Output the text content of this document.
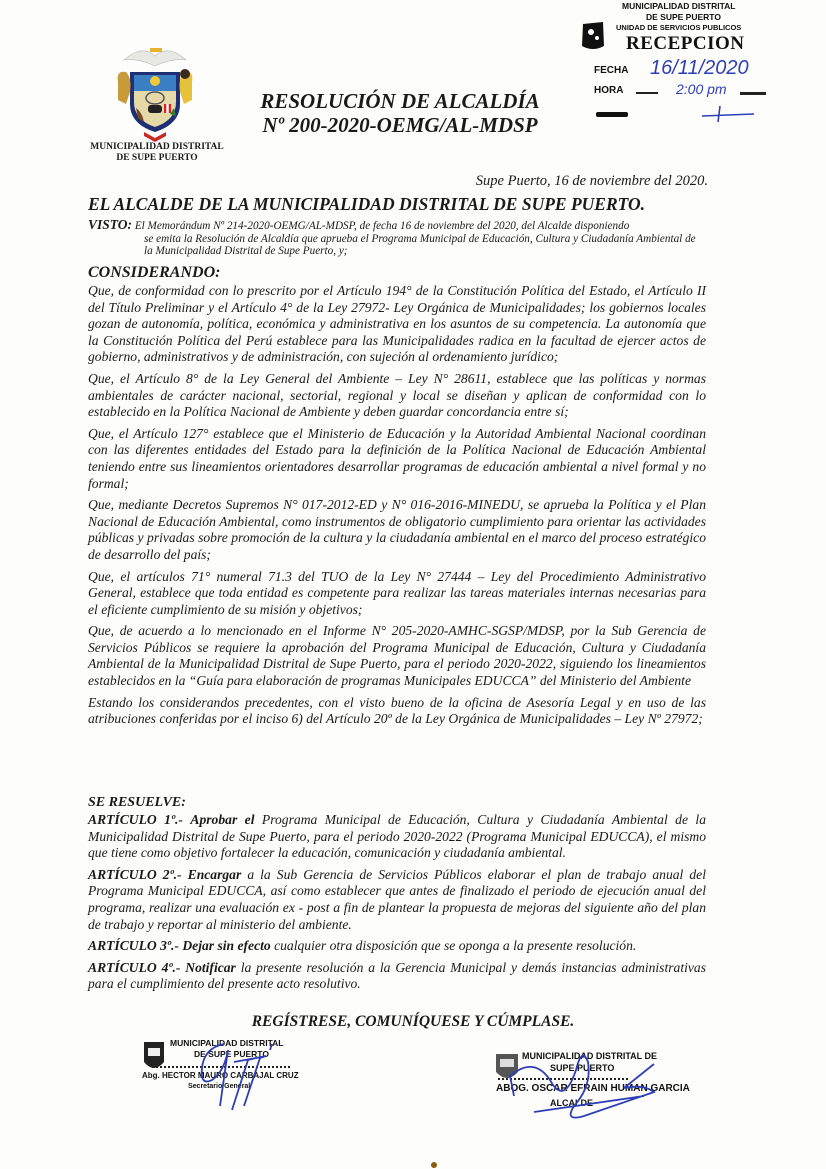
MUNICIPALIDAD DISTRITAL
DE SUPE PUERTO
RESOLUCIÓN DE ALCALDÍA
Nº 200-2020-OEMG/AL-MDSP
MUNICIPALIDAD DISTRITAL
DE SUPE PUERTO
UNIDAD DE SERVICIOS PUBLICOS
RECEPCION
FECHA 16/11/2020
HORA	2:00 pm
Supe Puerto, 16 de noviembre del 2020.
EL ALCALDE DE LA MUNICIPALIDAD DISTRITAL DE SUPE PUERTO.
VISTO: El Memorándum Nº 214-2020-OEMG/AL-MDSP, de fecha 16 de noviembre del 2020, del Alcalde disponiendo
se emita la Resolución de Alcaldía que aprueba el Programa Municipal de Educación, Cultura y Ciudadanía Ambiental de la Municipalidad Distrital de Supe Puerto, y;
CONSIDERANDO:

Que, de conformidad con lo prescrito por el Artículo 194° de la Constitución Política del Estado, el Artículo II del Título Preliminar y el Artículo 4° de la Ley 27972- Ley Orgánica de Municipalidades; los gobiernos locales gozan de autonomía, política, económica y administrativa en los asuntos de su competencia. La autonomía que la Constitución Política del Perú establece para las Municipalidades radica en la facultad de ejercer actos de gobierno, administrativos y de administración, con sujeción al ordenamiento jurídico;

Que, el Artículo 8° de la Ley General del Ambiente – Ley N° 28611, establece que las políticas y normas ambientales de carácter nacional, sectorial, regional y local se diseñan y aplican de conformidad con lo establecido en la Política Nacional de Ambiente y deben guardar concordancia entre sí;

Que, el Artículo 127° establece que el Ministerio de Educación y la Autoridad Ambiental Nacional coordinan con las diferentes entidades del Estado para la definición de la Política Nacional de Educación Ambiental teniendo entre sus lineamientos orientadores desarrollar programas de educación ambiental a nivel formal y no formal;

Que, mediante Decretos Supremos N° 017-2012-ED y N° 016-2016-MINEDU, se aprueba la Política y el Plan Nacional de Educación Ambiental, como instrumentos de obligatorio cumplimiento para orientar las actividades públicas y privadas sobre promoción de la cultura y la ciudadanía ambiental en el marco del proceso estratégico de desarrollo del país;

Que, el artículos 71° numeral 71.3 del TUO de la Ley N° 27444 – Ley del Procedimiento Administrativo General, establece que toda entidad es competente para realizar las tareas materiales internas necesarias para el eficiente cumplimiento de su misión y objetivos;

Que, de acuerdo a lo mencionado en el Informe N° 205-2020-AMHC-SGSP/MDSP, por la Sub Gerencia de Servicios Públicos se requiere la aprobación del Programa Municipal de Educación, Cultura y Ciudadanía Ambiental de la Municipalidad Distrital de Supe Puerto, para el periodo 2020-2022, siguiendo los lineamientos establecidos en la “Guía para elaboración de programas Municipales EDUCCA” del Ministerio del Ambiente

Estando los considerandos precedentes, con el visto bueno de la oficina de Asesoría Legal y en uso de las atribuciones conferidas por el inciso 6) del Artículo 20º de la Ley Orgánica de Municipalidades – Ley Nº 27972;

SE RESUELVE:

ARTÍCULO 1º.- Aprobar el Programa Municipal de Educación, Cultura y Ciudadanía Ambiental de la Municipalidad Distrital de Supe Puerto, para el periodo 2020-2022 (Programa Municipal EDUCCA), el mismo que tiene como objetivo fortalecer la educación, comunicación y ciudadanía ambiental.

ARTÍCULO 2º.- Encargar a la Sub Gerencia de Servicios Públicos elaborar el plan de trabajo anual del Programa Municipal EDUCCA, así como establecer que antes de finalizado el periodo de ejecución anual del programa, realizar una evaluación ex - post a fin de plantear la propuesta de mejoras del siguiente año del plan de trabajo y reportar al ministerio del ambiente.

ARTÍCULO 3º.- Dejar sin efecto cualquier otra disposición que se oponga a la presente resolución.

ARTÍCULO 4º.- Notificar la presente resolución a la Gerencia Municipal y demás instancias administrativas para el cumplimiento del presente acto resolutivo.

REGÍSTRESE, COMUNÍQUESE Y CÚMPLASE.
MUNICIPALIDAD DISTRITAL
DE SUPE PUERTO
Abg. HECTOR MAURO CARBAJAL CRUZ
Secretario General
MUNICIPALIDAD DISTRITAL DE
SUPE PUERTO
ABOG. OSCAR EFRAIN HUMAN GARCIA
ALCALDE
